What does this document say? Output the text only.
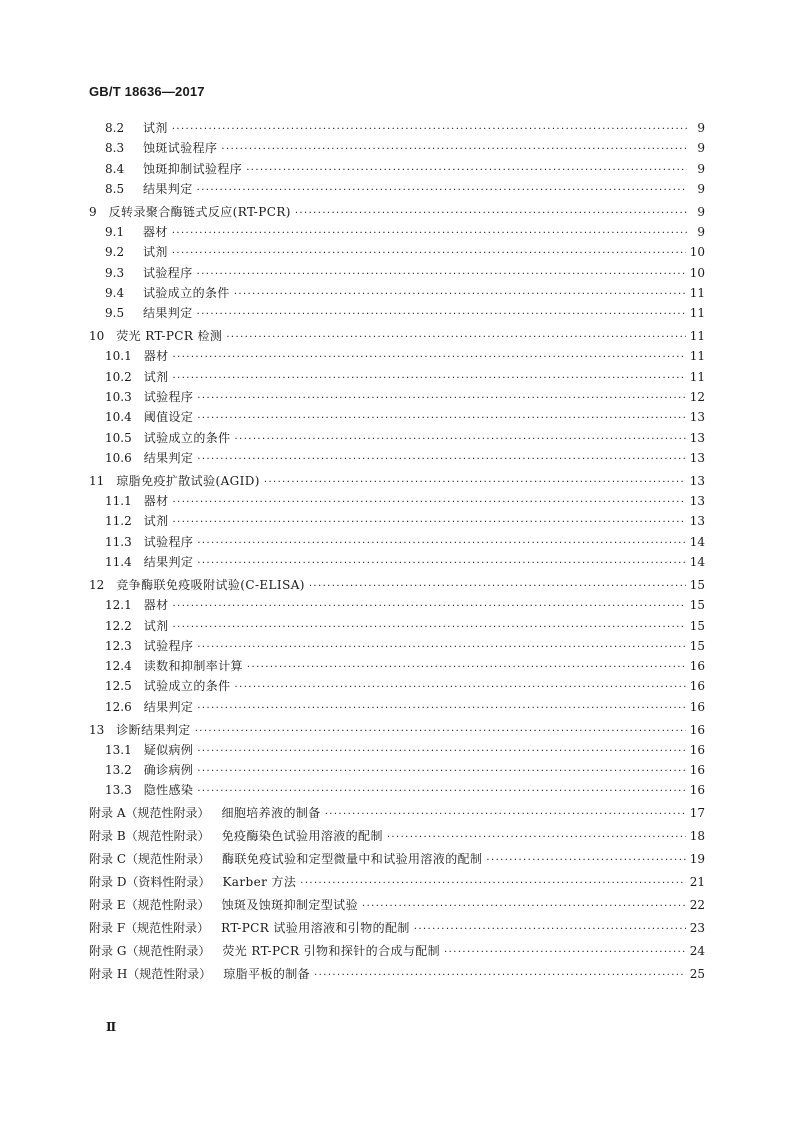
GB/T 18636—2017
8.2	试剂 ·····	9
8.3	蚀斑试验程序 ·····	9
8.4	蚀斑抑制试验程序 ·····	9
8.5	结果判定 ·····	9
9 反转录聚合酶链式反应(RT-PCR) ·····	9
9.1	器材 ·····	9
9.2	试剂 ·····	10
9.3	试验程序 ·····	10
9.4	试验成立的条件 ·····	11
9.5	结果判定 ·····	11
10 荧光 RT-PCR 检测 ·····	11
10.1 器材 ·····	11
10.2 试剂 ·····	11
10.3 试验程序 ·····	12
10.4 阈值设定 ·····	13
10.5 试验成立的条件 ·····	13
10.6 结果判定 ·····	13
11 琼脂免疫扩散试验(AGID) ·····	13
11.1 器材 ·····	13
11.2 试剂 ·····	13
11.3 试验程序 ·····	14
11.4 结果判定 ·····	14
12 竞争酶联免疫吸附试验(C-ELISA) ·····	15
12.1 器材 ·····	15
12.2 试剂 ·····	15
12.3 试验程序 ·····	15
12.4 读数和抑制率计算 ·····	16
12.5 试验成立的条件 ·····	16
12.6 结果判定 ·····	16
13 诊断结果判定 ·····	16
13.1 疑似病例 ·····	16
13.2 确诊病例 ·····	16
13.3 隐性感染 ·····	16
附录 A（规范性附录） 细胞培养液的制备 ·····	17
附录 B（规范性附录） 免疫酶染色试验用溶液的配制 ·····	18
附录 C（规范性附录） 酶联免疫试验和定型微量中和试验用溶液的配制 ·····	19
附录 D（资料性附录） Karber 方法 ·····	21
附录 E（规范性附录） 蚀斑及蚀斑抑制定型试验 ·····	22
附录 F（规范性附录） RT-PCR 试验用溶液和引物的配制 ·····	23
附录 G（规范性附录） 荧光 RT-PCR 引物和探针的合成与配制 ·····	24
附录 H（规范性附录） 琼脂平板的制备 ·····	25
Ⅱ
